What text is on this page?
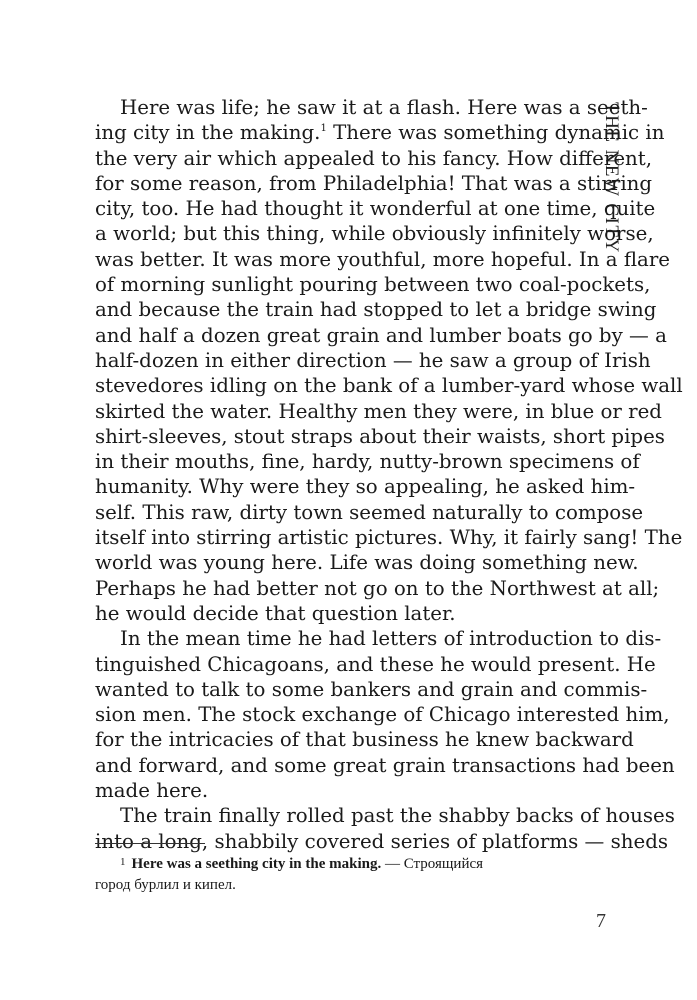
THE NEW CITY
Here was life; he saw it at a flash. Here was a seeth-
ing city in the making.$^1$ There was something dynamic in
the very air which appealed to his fancy. How different,
for some reason, from Philadelphia! That was a stirring
city, too. He had thought it wonderful at one time, quite
a world; but this thing, while obviously infinitely worse,
was better. It was more youthful, more hopeful. In a flare
of morning sunlight pouring between two coal-pockets,
and because the train had stopped to let a bridge swing
and half a dozen great grain and lumber boats go by — a
half-dozen in either direction — he saw a group of Irish
stevedores idling on the bank of a lumber-yard whose wall
skirted the water. Healthy men they were, in blue or red
shirt-sleeves, stout straps about their waists, short pipes
in their mouths, fine, hardy, nutty-brown specimens of
humanity. Why were they so appealing, he asked him-
self. This raw, dirty town seemed naturally to compose
itself into stirring artistic pictures. Why, it fairly sang! The
world was young here. Life was doing something new.
Perhaps he had better not go on to the Northwest at all;
he would decide that question later.
In the mean time he had letters of introduction to dis-
tinguished Chicagoans, and these he would present. He
wanted to talk to some bankers and grain and commis-
sion men. The stock exchange of Chicago interested him,
for the intricacies of that business he knew backward
and forward, and some great grain transactions had been
made here.
The train finally rolled past the shabby backs of houses
into a long, shabbily covered series of platforms — sheds
$^1$ Here was a seething city in the making. — Строящийся
город бурлил и кипел.
7
